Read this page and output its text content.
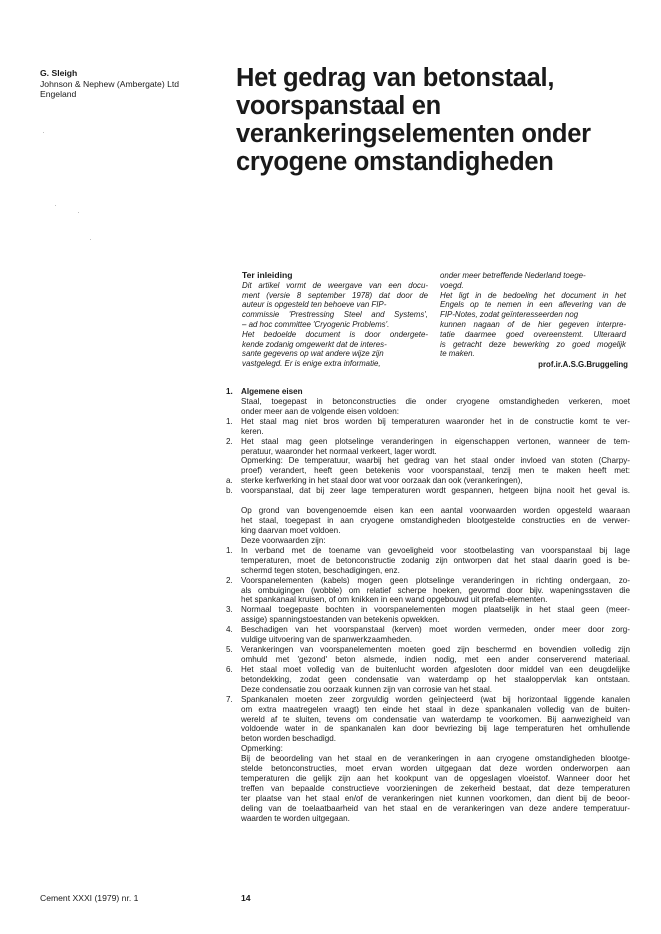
G. Sleigh
Johnson & Nephew (Ambergate) Ltd
Engeland
Het gedrag van betonstaal,
voorspanstaal en
verankeringselementen onder
cryogene omstandigheden
Ter inleiding
Dit artikel vormt de weergave van een docu-
ment (versie 8 september 1978) dat door de
auteur is opgesteld ten behoeve van FIP-
commissie 'Prestressing Steel and Systems',
– ad hoc committee 'Cryogenic Problems'.
Het bedoelde document is door ondergete-
kende zodanig omgewerkt dat de interes-
sante gegevens op wat andere wijze zijn
vastgelegd. Er is enige extra informatie,
onder meer betreffende Nederland toege-
voegd.
Het ligt in de bedoeling het document in het
Engels op te nemen in een aflevering van de
FIP-Notes, zodat geïnteresseerden nog
kunnen nagaan of de hier gegeven interpre-
tatie daarmee goed overeenstemt. Ulteraard
is getracht deze bewerking zo goed mogelijk
te maken.
prof.ir.A.S.G.Bruggeling
1. Algemene eisen
Staal, toegepast in betonconstructies die onder cryogene omstandigheden verkeren, moet
onder meer aan de volgende eisen voldoen:
1. Het staal mag niet bros worden bij temperaturen waaronder het in de constructie komt te ver-
keren.
2. Het staal mag geen plotselinge veranderingen in eigenschappen vertonen, wanneer de tem-
peratuur, waaronder het normaal verkeert, lager wordt.
Opmerking: De temperatuur, waarbij het gedrag van het staal onder invloed van stoten (Charpy-
proef) verandert, heeft geen betekenis voor voorspanstaal, tenzij men te maken heeft met:
a. sterke kerfwerking in het staal door wat voor oorzaak dan ook (verankeringen),
b. voorspanstaal, dat bij zeer lage temperaturen wordt gespannen, hetgeen bijna nooit het geval is.
Op grond van bovengenoemde eisen kan een aantal voorwaarden worden opgesteld waaraan
het staal, toegepast in aan cryogene omstandigheden blootgestelde constructies en de verwer-
king daarvan moet voldoen.
Deze voorwaarden zijn:
1. In verband met de toename van gevoeligheid voor stootbelasting van voorspanstaal bij lage
temperaturen, moet de betonconstructie zodanig zijn ontworpen dat het staal daarin goed is be-
schermd tegen stoten, beschadigingen, enz.
2. Voorspanelementen (kabels) mogen geen plotselinge veranderingen in richting ondergaan, zo-
als ombuigingen (wobble) om relatief scherpe hoeken, gevormd door bijv. wapeningsstaven die
het spankanaal kruisen, of om knikken in een wand opgebouwd uit prefab-elementen.
3. Normaal toegepaste bochten in voorspanelementen mogen plaatselijk in het staal geen (meer-
assige) spanningstoestanden van betekenis opwekken.
4. Beschadigen van het voorspanstaal (kerven) moet worden vermeden, onder meer door zorg-
vuldige uitvoering van de spanwerkzaamheden.
5. Verankeringen van voorspanelementen moeten goed zijn beschermd en bovendien volledig zijn
omhuld met 'gezond' beton alsmede, indien nodig, met een ander conserverend materiaal.
6. Het staal moet volledig van de buitenlucht worden afgesloten door middel van een deugdelijke
betondekking, zodat geen condensatie van waterdamp op het staaloppervlak kan ontstaan.
Deze condensatie zou oorzaak kunnen zijn van corrosie van het staal.
7. Spankanalen moeten zeer zorgvuldig worden geïnjecteerd (wat bij horizontaal liggende kanalen
om extra maatregelen vraagt) ten einde het staal in deze spankanalen volledig van de buiten-
wereld af te sluiten, tevens om condensatie van waterdamp te voorkomen. Bij aanwezigheid van
voldoende water in de spankanalen kan door bevriezing bij lage temperaturen het omhullende
beton worden beschadigd.
Opmerking:
Bij de beoordeling van het staal en de verankeringen in aan cryogene omstandigheden blootge-
stelde betonconstructies, moet ervan worden uitgegaan dat deze worden onderworpen aan
temperaturen die gelijk zijn aan het kookpunt van de opgeslagen vloeistof. Wanneer door het
treffen van bepaalde constructieve voorzieningen de zekerheid bestaat, dat deze temperaturen
ter plaatse van het staal en/of de verankeringen niet kunnen voorkomen, dan dient bij de beoor-
deling van de toelaatbaarheid van het staal en de verankeringen van deze andere temperatuur-
waarden te worden uitgegaan.
Cement XXXI (1979) nr. 1	14
